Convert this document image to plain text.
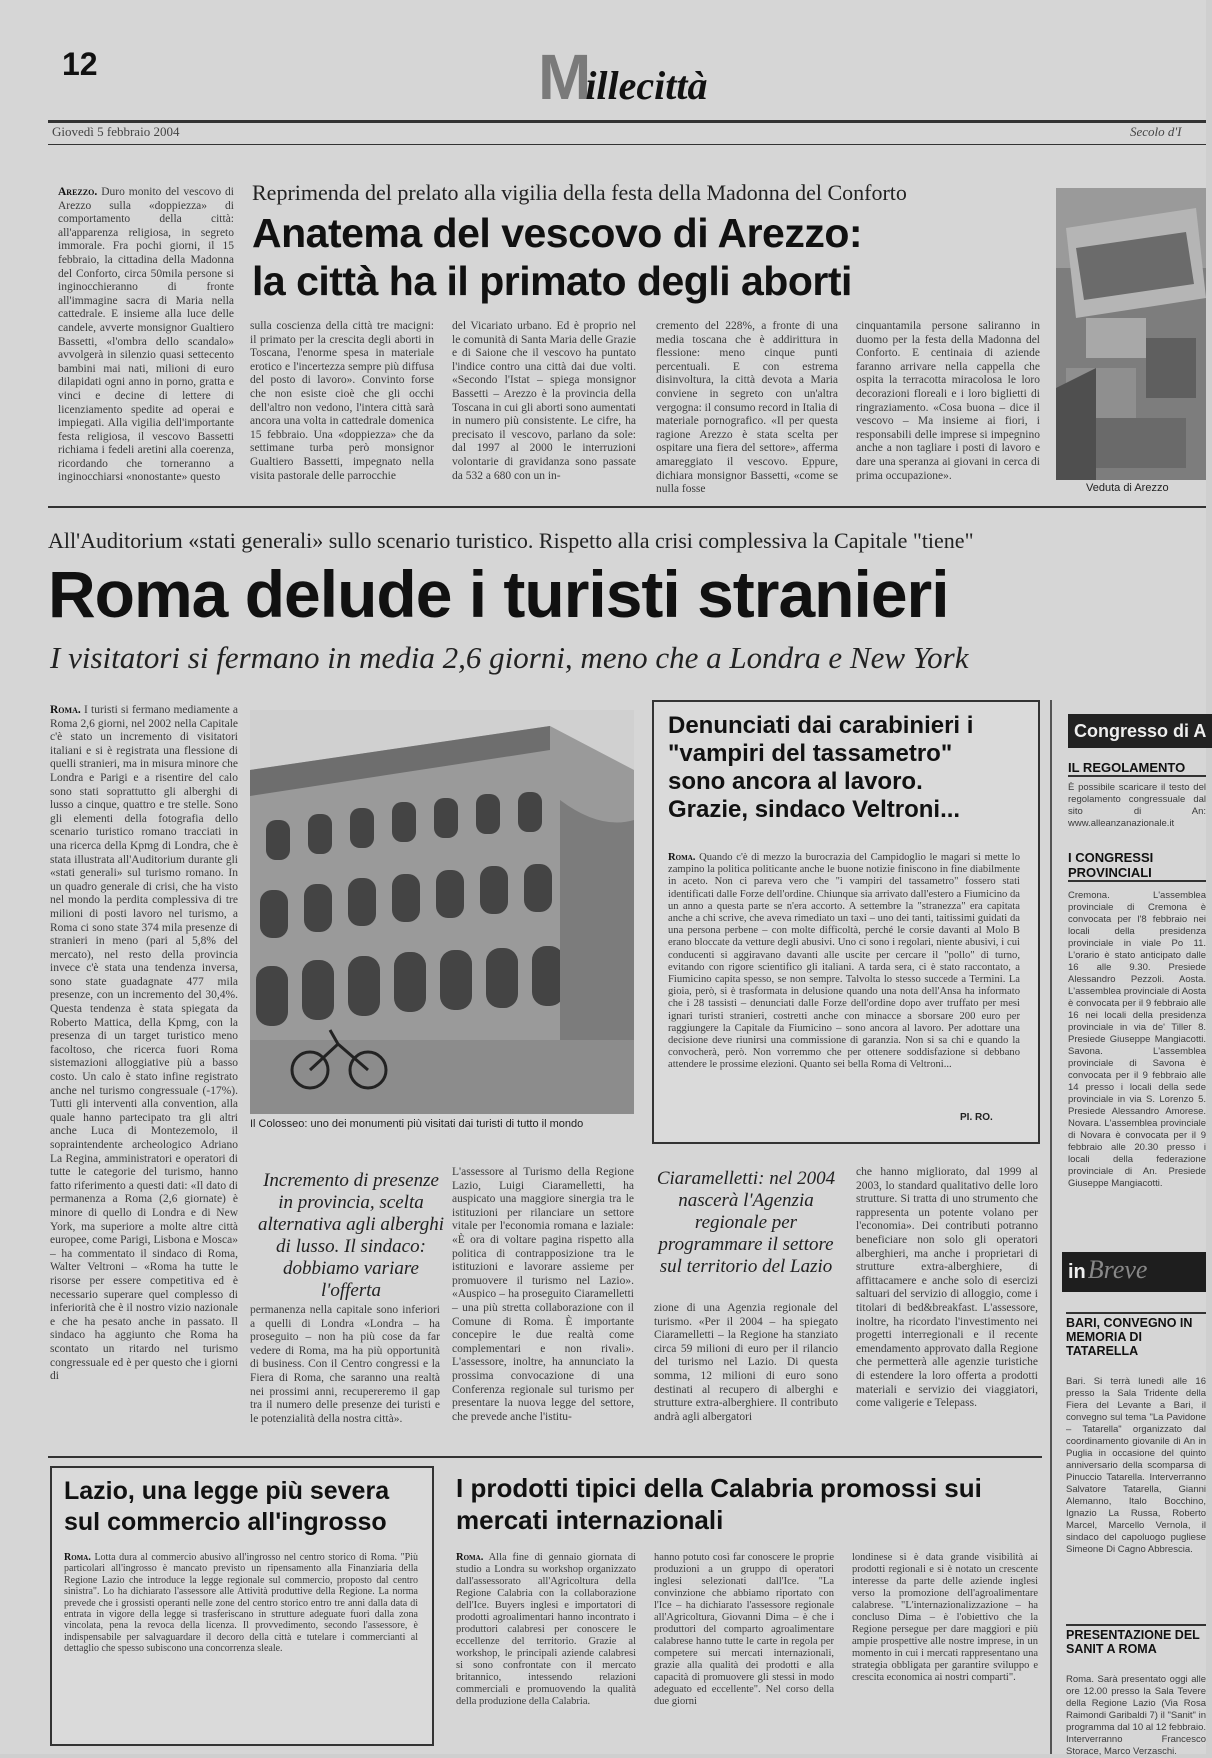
12	Millecittà
Giovedì 5 febbraio 2004	Secolo d'I
Arezzo. Duro monito del vescovo di Arezzo sulla «doppiezza» di comportamento della città: all'apparenza religiosa, in segreto immorale. Fra pochi giorni, il 15 febbraio, la cittadina della Madonna del Conforto, circa 50mila persone si inginocchieranno di fronte all'immagine sacra di Maria nella cattedrale. E insieme alla luce delle candele, avverte monsignor Gualtiero Bassetti, «l'ombra dello scandalo» avvolgerà in silenzio quasi settecento bambini mai nati, milioni di euro dilapidati ogni anno in porno, gratta e vinci e decine di lettere di licenziamento spedite ad operai e impiegati. Alla vigilia dell'importante festa religiosa, il vescovo Bassetti richiama i fedeli aretini alla coerenza, ricordando che torneranno a inginocchiarsi «nonostante» questo
Reprimenda del prelato alla vigilia della festa della Madonna del Conforto
Anatema del vescovo di Arezzo:
la città ha il primato degli aborti
sulla coscienza della città tre macigni: il primato per la crescita degli aborti in Toscana, l'enorme spesa in materiale erotico e l'incertezza sempre più diffusa del posto di lavoro». Convinto forse che non esiste cioè che gli occhi dell'altro non vedono, l'intera città sarà ancora una volta in cattedrale domenica 15 febbraio. Una «doppiezza» che da settimane turba però monsignor Gualtiero Bassetti, impegnato nella visita pastorale delle parrocchie
del Vicariato urbano. Ed è proprio nel le comunità di Santa Maria delle Grazie e di Saione che il vescovo ha puntato l'indice contro una città dai due volti. «Secondo l'Istat – spiega monsignor Bassetti – Arezzo è la provincia della Toscana in cui gli aborti sono aumentati in numero più consistente. Le cifre, ha precisato il vescovo, parlano da sole: dal 1997 al 2000 le interruzioni volontarie di gravidanza sono passate da 532 a 680 con un in-
cremento del 228%, a fronte di una media toscana che è addirittura in flessione: meno cinque punti percentuali. E con estrema disinvoltura, la città devota a Maria conviene in segreto con un'altra vergogna: il consumo record in Italia di materiale pornografico. «Il per questa ragione Arezzo è stata scelta per ospitare una fiera del settore», afferma amareggiato il vescovo. Eppure, dichiara monsignor Bassetti, «come se nulla fosse
cinquantamila persone saliranno in duomo per la festa della Madonna del Conforto. E centinaia di aziende faranno arrivare nella cappella che ospita la terracotta miracolosa le loro decorazioni floreali e i loro biglietti di ringraziamento. «Cosa buona – dice il vescovo – Ma insieme ai fiori, i responsabili delle imprese si impegnino anche a non tagliare i posti di lavoro e dare una speranza ai giovani in cerca di prima occupazione».
Veduta di Arezzo
All'Auditorium «stati generali» sullo scenario turistico. Rispetto alla crisi complessiva la Capitale "tiene"
Roma delude i turisti stranieri
I visitatori si fermano in media 2,6 giorni, meno che a Londra e New York
Roma. I turisti si fermano mediamente a Roma 2,6 giorni, nel 2002 nella Capitale c'è stato un incremento di visitatori italiani e si è registrata una flessione di quelli stranieri, ma in misura minore che Londra e Parigi e a risentire del calo sono stati soprattutto gli alberghi di lusso a cinque, quattro e tre stelle. Sono gli elementi della fotografia dello scenario turistico romano tracciati in una ricerca della Kpmg di Londra, che è stata illustrata all'Auditorium durante gli «stati generali» sul turismo romano. In un quadro generale di crisi, che ha visto nel mondo la perdita complessiva di tre milioni di posti lavoro nel turismo, a Roma ci sono state 374 mila presenze di stranieri in meno (pari al 5,8% del mercato), nel resto della provincia invece c'è stata una tendenza inversa, sono state guadagnate 477 mila presenze, con un incremento del 30,4%. Questa tendenza è stata spiegata da Roberto Mattica, della Kpmg, con la presenza di un target turistico meno facoltoso, che ricerca fuori Roma sistemazioni alloggiative più a basso costo. Un calo è stato infine registrato anche nel turismo congressuale (-17%). Tutti gli interventi alla convention, alla quale hanno partecipato tra gli altri anche Luca di Montezemolo, il sopraintendente archeologico Adriano La Regina, amministratori e operatori di tutte le categorie del turismo, hanno fatto riferimento a questi dati: «Il dato di permanenza a Roma (2,6 giornate) è minore di quello di Londra e di New York, ma superiore a molte altre città europee, come Parigi, Lisbona e Mosca» – ha commentato il sindaco di Roma, Walter Veltroni – «Roma ha tutte le risorse per essere competitiva ed è necessario superare quel complesso di inferiorità che è il nostro vizio nazionale e che ha pesato anche in passato. Il sindaco ha aggiunto che Roma ha scontato un ritardo nel turismo congressuale ed è per questo che i giorni di
Il Colosseo: uno dei monumenti più visitati dai turisti di tutto il mondo
Denunciati dai carabinieri i "vampiri del tassametro" sono ancora al lavoro. Grazie, sindaco Veltroni...
Roma. Quando c'è di mezzo la burocrazia del Campidoglio le magari si mette lo zampino la politica politicante anche le buone notizie finiscono in fine diabilmente in aceto. Non ci pareva vero che "i vampiri del tassametro" fossero stati identificati dalle Forze dell'ordine. Chiunque sia arrivato dall'estero a Fiumicino da un anno a questa parte se n'era accorto. A settembre la "stranezza" era capitata anche a chi scrive, che aveva rimediato un taxi – uno dei tanti, taitissimi guidati da una persona perbene – con molte difficoltà, perché le corsie davanti al Molo B erano bloccate da vetture degli abusivi. Uno ci sono i regolari, niente abusivi, i cui conducenti si aggiravano davanti alle uscite per cercare il "pollo" di turno, evitando con rigore scientifico gli italiani. A tarda sera, ci è stato raccontato, a Fiumicino capita spesso, se non sempre. Talvolta lo stesso succede a Termini. La gioia, però, si è trasformata in delusione quando una nota dell'Ansa ha informato che i 28 tassisti – denunciati dalle Forze dell'ordine dopo aver truffato per mesi ignari turisti stranieri, costretti anche con minacce a sborsare 200 euro per raggiungere la Capitale da Fiumicino – sono ancora al lavoro. Per adottare una decisione deve riunirsi una commissione di garanzia. Non si sa chi e quando la convocherà, però. Non vorremmo che per ottenere soddisfazione si debbano attendere le prossime elezioni. Quanto sei bella Roma di Veltroni...
PI. RO.
Incremento di presenze in provincia, scelta alternativa agli alberghi di lusso. Il sindaco: dobbiamo variare l'offerta
permanenza nella capitale sono inferiori a quelli di Londra «Londra – ha proseguito – non ha più cose da far vedere di Roma, ma ha più opportunità di business. Con il Centro congressi e la Fiera di Roma, che saranno una realtà nei prossimi anni, recupereremo il gap tra il numero delle presenze dei turisti e le potenzialità della nostra città».
L'assessore al Turismo della Regione Lazio, Luigi Ciaramelletti, ha auspicato una maggiore sinergia tra le istituzioni per rilanciare un settore vitale per l'economia romana e laziale: «È ora di voltare pagina rispetto alla politica di contrapposizione tra le istituzioni e lavorare assieme per promuovere il turismo nel Lazio». «Auspico – ha proseguito Ciaramelletti – una più stretta collaborazione con il Comune di Roma. È importante concepire le due realtà come complementari e non rivali». L'assessore, inoltre, ha annunciato la prossima convocazione di una Conferenza regionale sul turismo per presentare la nuova legge del settore, che prevede anche l'istitu-
Ciaramelletti: nel 2004 nascerà l'Agenzia regionale per programmare il settore sul territorio del Lazio
zione di una Agenzia regionale del turismo. «Per il 2004 – ha spiegato Ciaramelletti – la Regione ha stanziato circa 59 milioni di euro per il rilancio del turismo nel Lazio. Di questa somma, 12 milioni di euro sono destinati al recupero di alberghi e strutture extra-alberghiere. Il contributo andrà agli albergatori
che hanno migliorato, dal 1999 al 2003, lo standard qualitativo delle loro strutture. Si tratta di uno strumento che rappresenta un potente volano per l'economia». Dei contributi potranno beneficiare non solo gli operatori alberghieri, ma anche i proprietari di strutture extra-alberghiere, di affittacamere e anche solo di esercizi saltuari del servizio di alloggio, come i titolari di bed&breakfast. L'assessore, inoltre, ha ricordato l'investimento nei progetti interregionali e il recente emendamento approvato dalla Regione che permetterà alle agenzie turistiche di estendere la loro offerta a prodotti materiali e servizio dei viaggiatori, come valigerie e Telepass.
Congresso di A
IL REGOLAMENTO
È possibile scaricare il testo del regolamento congressuale dal sito di An: www.alleanzanazionale.it
I CONGRESSI PROVINCIALI
Cremona. L'assemblea provinciale di Cremona è convocata per l'8 febbraio nei locali della presidenza provinciale in viale Po 11. L'orario è stato anticipato dalle 16 alle 9.30. Presiede Alessandro Pezzoli. Aosta. L'assemblea provinciale di Aosta è convocata per il 9 febbraio alle 16 nei locali della presidenza provinciale in via de' Tiller 8. Presiede Giuseppe Mangiacotti. Savona. L'assemblea provinciale di Savona è convocata per il 9 febbraio alle 14 presso i locali della sede provinciale in via S. Lorenzo 5. Presiede Alessandro Amorese. Novara. L'assemblea provinciale di Novara è convocata per il 9 febbraio alle 20.30 presso i locali della federazione provinciale di An. Presiede Giuseppe Mangiacotti.
inBreve
BARI, CONVEGNO IN MEMORIA DI TATARELLA
Bari. Si terrà lunedì alle 16 presso la Sala Tridente della Fiera del Levante a Bari, il convegno sul tema "La Pavidone – Tatarella" organizzato dal coordinamento giovanile di An in Puglia in occasione del quinto anniversario della scomparsa di Pinuccio Tatarella. Interverranno Salvatore Tatarella, Gianni Alemanno, Italo Bocchino, Ignazio La Russa, Roberto Marcel, Marcello Vernola, il sindaco del capoluogo pugliese Simeone Di Cagno Abbrescia.
PRESENTAZIONE DEL SANIT A ROMA
Roma. Sarà presentato oggi alle ore 12.00 presso la Sala Tevere della Regione Lazio (Via Rosa Raimondi Garibaldi 7) il "Sanit" in programma dal 10 al 12 febbraio. Interverranno Francesco Storace, Marco Verzaschi.
Lazio, una legge più severa sul commercio all'ingrosso
Roma. Lotta dura al commercio abusivo all'ingrosso nel centro storico di Roma. "Più particolari all'ingrosso è mancato previsto un ripensamento alla Finanziaria della Regione Lazio che introduce la legge regionale sul commercio, proposto dal centro sinistra". Lo ha dichiarato l'assessore alle Attività produttive della Regione. La norma prevede che i grossisti operanti nelle zone del centro storico entro tre anni dalla data di entrata in vigore della legge si trasferiscano in strutture adeguate fuori dalla zona vincolata, pena la revoca della licenza. Il provvedimento, secondo l'assessore, è indispensabile per salvaguardare il decoro della città e tutelare i commercianti al dettaglio che spesso subiscono una concorrenza sleale.
I prodotti tipici della Calabria promossi sui mercati internazionali
Roma. Alla fine di gennaio giornata di studio a Londra su workshop organizzato dall'assessorato all'Agricoltura della Regione Calabria con la collaborazione dell'Ice. Buyers inglesi e importatori di prodotti agroalimentari hanno incontrato i produttori calabresi per conoscere le eccellenze del territorio. Grazie al workshop, le principali aziende calabresi si sono confrontate con il mercato britannico, intessendo relazioni commerciali e promuovendo la qualità della produzione della Calabria.
hanno potuto così far conoscere le proprie produzioni a un gruppo di operatori inglesi selezionati dall'Ice. "La convinzione che abbiamo riportato con l'Ice – ha dichiarato l'assessore regionale all'Agricoltura, Giovanni Dima – è che i produttori del comparto agroalimentare calabrese hanno tutte le carte in regola per competere sui mercati internazionali, grazie alla qualità dei prodotti e alla capacità di promuovere gli stessi in modo adeguato ed eccellente". Nel corso della due giorni
londinese si è data grande visibilità ai prodotti regionali e si è notato un crescente interesse da parte delle aziende inglesi verso la promozione dell'agroalimentare calabrese. "L'internazionalizzazione – ha concluso Dima – è l'obiettivo che la Regione persegue per dare maggiori e più ampie prospettive alle nostre imprese, in un momento in cui i mercati rappresentano una strategia obbligata per garantire sviluppo e crescita economica ai nostri comparti".
